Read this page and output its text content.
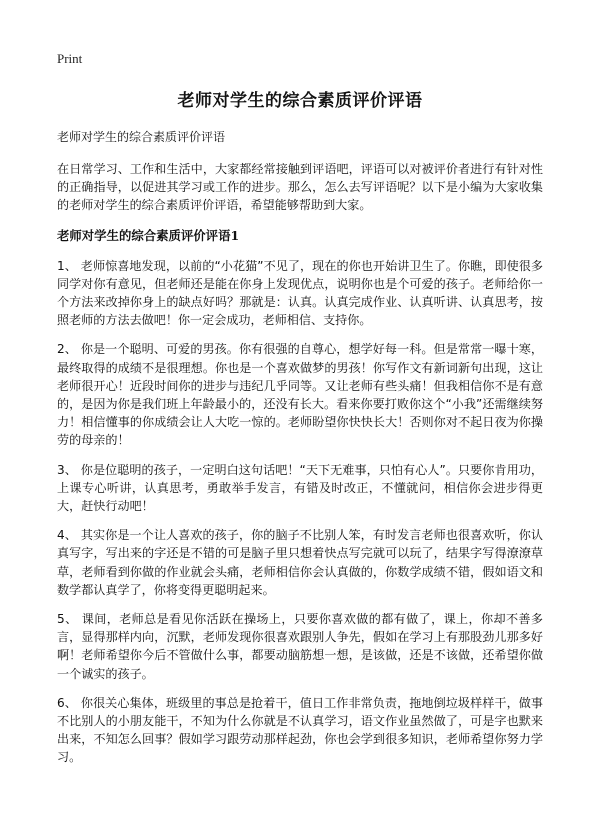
Print
老师对学生的综合素质评价评语
老师对学生的综合素质评价评语

在日常学习、工作和生活中，大家都经常接触到评语吧，评语可以对被评价者进行有针对性的正确指导，以促进其学习或工作的进步。那么，怎么去写评语呢？以下是小编为大家收集的老师对学生的综合素质评价评语，希望能够帮助到大家。

老师对学生的综合素质评价评语1

1、 老师惊喜地发现，以前的“小花猫”不见了，现在的你也开始讲卫生了。你瞧，即使很多同学对你有意见，但老师还是能在你身上发现优点，说明你也是个可爱的孩子。老师给你一个方法来改掉你身上的缺点好吗？那就是：认真。认真完成作业、认真听讲、认真思考，按照老师的方法去做吧！你一定会成功，老师相信、支持你。

2、 你是一个聪明、可爱的男孩。你有很强的自尊心，想学好每一科。但是常常一曝十寒，最终取得的成绩不是很理想。你也是一个喜欢做梦的男孩！你写作文有新词新句出现，这让老师很开心！近段时间你的进步与违纪几乎同等。又让老师有些头痛！但我相信你不是有意的，是因为你是我们班上年龄最小的，还没有长大。看来你要打败你这个“小我”还需继续努力！相信懂事的你成绩会让人大吃一惊的。老师盼望你快快长大！否则你对不起日夜为你操劳的母亲的！

3、 你是位聪明的孩子，一定明白这句话吧！“天下无难事，只怕有心人”。只要你肯用功，上课专心听讲，认真思考，勇敢举手发言，有错及时改正，不懂就问，相信你会进步得更大，赶快行动吧！

4、 其实你是一个让人喜欢的孩子，你的脑子不比别人笨，有时发言老师也很喜欢听，你认真写字，写出来的字还是不错的可是脑子里只想着快点写完就可以玩了，结果字写得潦潦草草，老师看到你做的作业就会头痛，老师相信你会认真做的，你数学成绩不错，假如语文和数学都认真学了，你将变得更聪明起来。

5、 课间，老师总是看见你活跃在操场上，只要你喜欢做的都有做了，课上，你却不善多言，显得那样内向，沉默，老师发现你很喜欢跟别人争先，假如在学习上有那股劲儿那多好啊！老师希望你今后不管做什么事，都要动脑筋想一想，是该做，还是不该做，还希望你做一个诚实的孩子。

6、 你很关心集体，班级里的事总是抢着干，值日工作非常负责，拖地倒垃圾样样干，做事不比别人的小朋友能干，不知为什么你就是不认真学习，语文作业虽然做了，可是字也默来出来，不知怎么回事？假如学习跟劳动那样起劲，你也会学到很多知识，老师希望你努力学习。
